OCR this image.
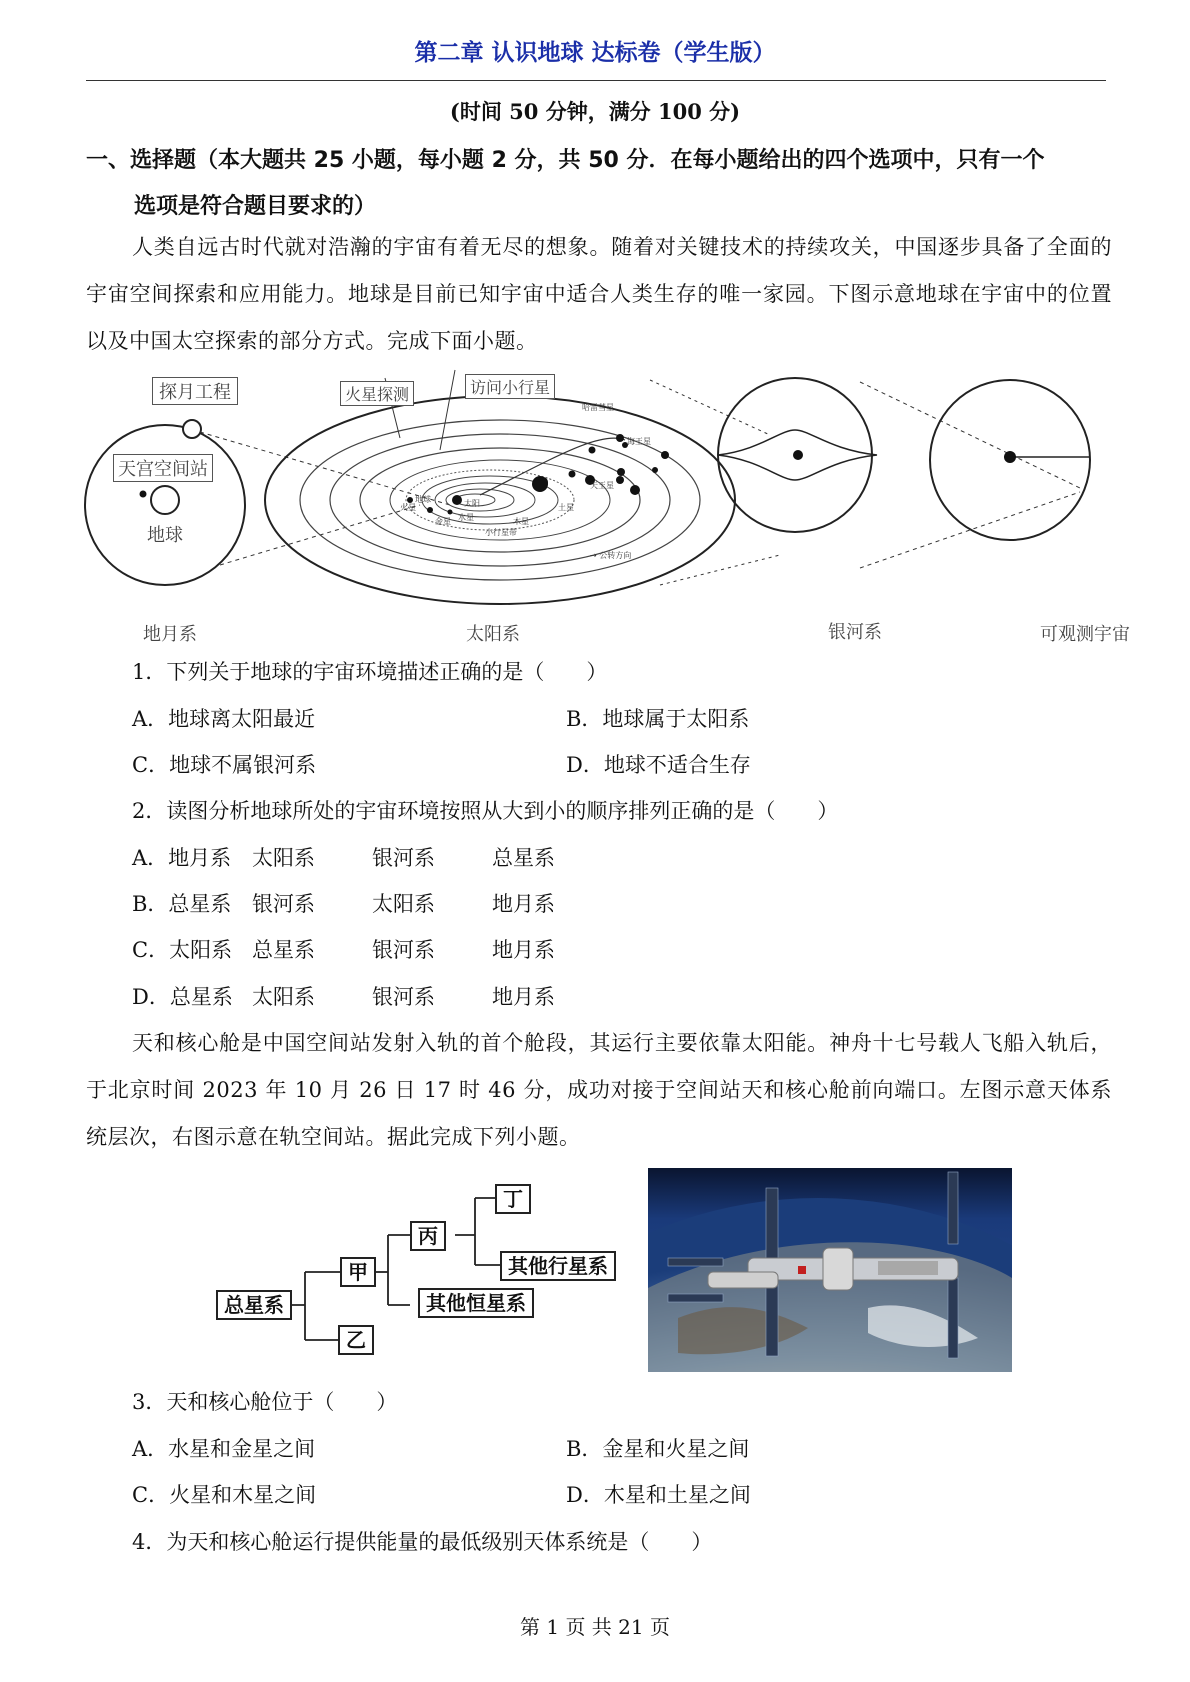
第二章 认识地球 达标卷（学生版）
(时间 50 分钟，满分 100 分)
一、选择题（本大题共 25 小题，每小题 2 分，共 50 分．在每小题给出的四个选项中，只有一个
选项是符合题目要求的）

人类自远古时代就对浩瀚的宇宙有着无尽的想象。随着对关键技术的持续攻关，中国逐步具备了全面的宇宙空间探索和应用能力。地球是目前已知宇宙中适合人类生存的唯一家园。下图示意地球在宇宙中的位置以及中国太空探索的部分方式。完成下面小题。

太阳
金星
火星
地球
水星	木星
土星
天王星
海王星
哈雷彗星
小行星带
→ 公转方向
探月工程
天宫空间站
地球
火星探测	访问小行星
地月系	太阳系	银河系	可观测宇宙
1．下列关于地球的宇宙环境描述正确的是（　　）
A．地球离太阳最近	B．地球属于太阳系
C．地球不属银河系	D．地球不适合生存
2．读图分析地球所处的宇宙环境按照从大到小的顺序排列正确的是（　　）
A．地月系 太阳系	银河系	总星系
B．总星系 银河系	太阳系	地月系
C．太阳系 总星系	银河系	地月系
D．总星系 太阳系	银河系	地月系

天和核心舱是中国空间站发射入轨的首个舱段，其运行主要依靠太阳能。神舟十七号载人飞船入轨后，于北京时间 2023 年 10 月 26 日 17 时 46 分，成功对接于空间站天和核心舱前向端口。左图示意天体系统层次，右图示意在轨空间站。据此完成下列小题。

总星系
甲
乙
丙
丁
其他行星系
其他恒星系
3．天和核心舱位于（　　）
A．水星和金星之间	B．金星和火星之间
C．火星和木星之间	D．木星和土星之间
4．为天和核心舱运行提供能量的最低级别天体系统是（　　）
第 1 页 共 21 页
